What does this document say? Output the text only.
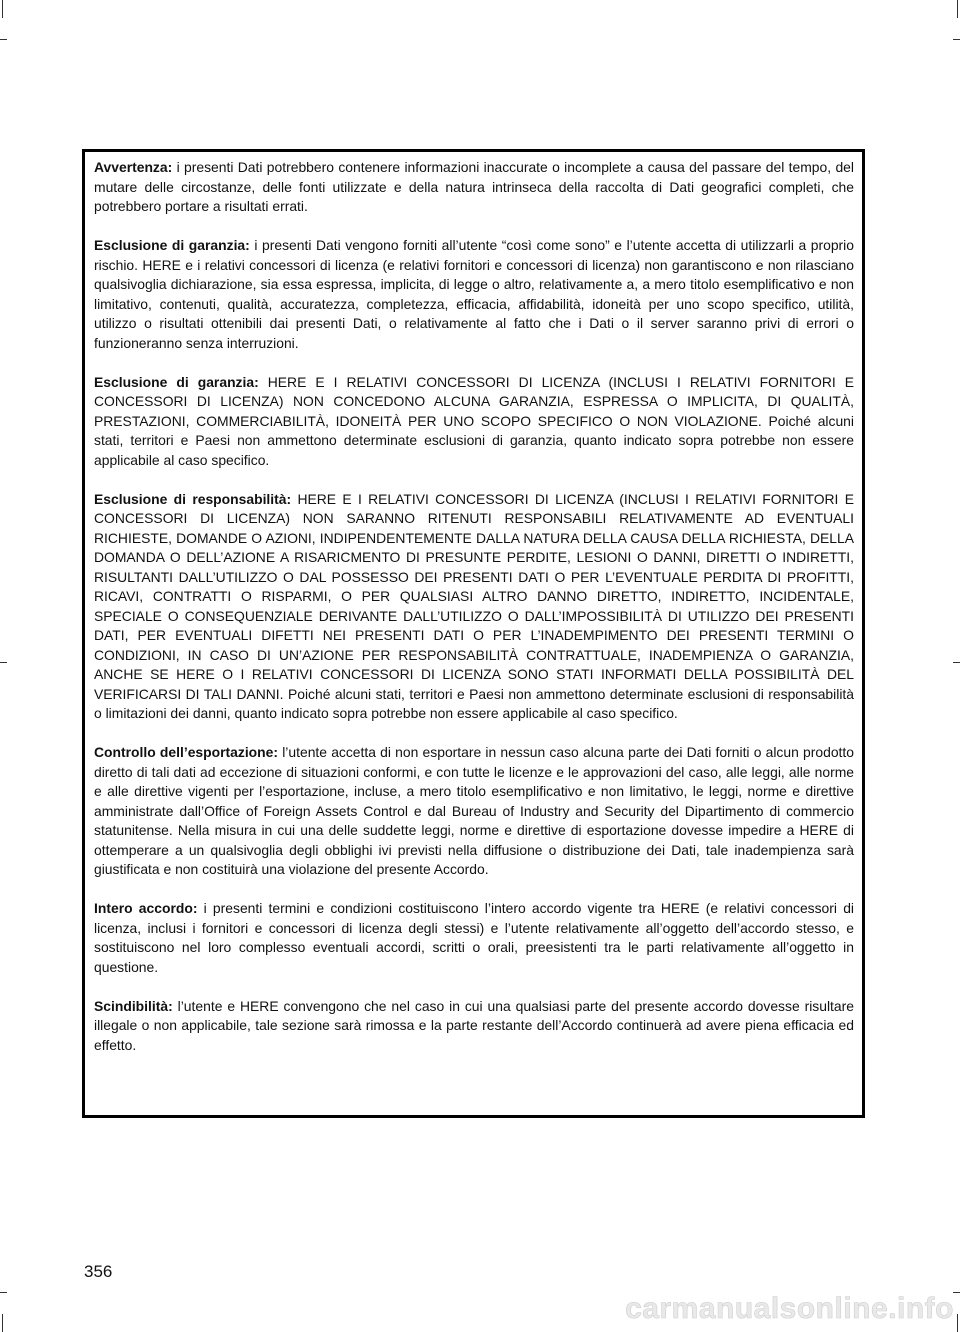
Avvertenza: i presenti Dati potrebbero contenere informazioni inaccurate o incomplete a causa del passare del tempo, del mutare delle circostanze, delle fonti utilizzate e della natura intrinseca della raccolta di Dati geografici completi, che potrebbero portare a risultati errati.

Esclusione di garanzia: i presenti Dati vengono forniti all’utente “così come sono” e l’utente accetta di utilizzarli a proprio rischio. HERE e i relativi concessori di licenza (e relativi fornitori e concessori di licenza) non garantiscono e non rilasciano qualsivoglia dichiarazione, sia essa espressa, implicita, di legge o altro, relativamente a, a mero titolo esemplificativo e non limitativo, contenuti, qualità, accuratezza, completezza, efficacia, affidabilità, idoneità per uno scopo specifico, utilità, utilizzo o risultati ottenibili dai presenti Dati, o relativamente al fatto che i Dati o il server saranno privi di errori o funzioneranno senza interruzioni.

Esclusione di garanzia: HERE E I RELATIVI CONCESSORI DI LICENZA (INCLUSI I RELATIVI FORNITORI E CONCESSORI DI LICENZA) NON CONCEDONO ALCUNA GARANZIA, ESPRESSA O IMPLICITA, DI QUALITÀ, PRESTAZIONI, COMMERCIABILITÀ, IDONEITÀ PER UNO SCOPO SPECIFICO O NON VIOLAZIONE. Poiché alcuni stati, territori e Paesi non ammettono determinate esclusioni di garanzia, quanto indicato sopra potrebbe non essere applicabile al caso specifico.

Esclusione di responsabilità: HERE E I RELATIVI CONCESSORI DI LICENZA (INCLUSI I RELATIVI FORNITORI E CONCESSORI DI LICENZA) NON SARANNO RITENUTI RESPONSABILI RELATIVAMENTE AD EVENTUALI RICHIESTE, DOMANDE O AZIONI, INDIPENDENTEMENTE DALLA NATURA DELLA CAUSA DELLA RICHIESTA, DELLA DOMANDA O DELL’AZIONE A RISARICMENTO DI PRESUNTE PERDITE, LESIONI O DANNI, DIRETTI O INDIRETTI, RISULTANTI DALL’UTILIZZO O DAL POSSESSO DEI PRESENTI DATI O PER L’EVENTUALE PERDITA DI PROFITTI, RICAVI, CONTRATTI O RISPARMI, O PER QUALSIASI ALTRO DANNO DIRETTO, INDIRETTO, INCIDENTALE, SPECIALE O CONSEQUENZIALE DERIVANTE DALL’UTILIZZO O DALL’IMPOSSIBILITÀ DI UTILIZZO DEI PRESENTI DATI, PER EVENTUALI DIFETTI NEI PRESENTI DATI O PER L’INADEMPIMENTO DEI PRESENTI TERMINI O CONDIZIONI, IN CASO DI UN’AZIONE PER RESPONSABILITÀ CONTRATTUALE, INADEMPIENZA O GARANZIA, ANCHE SE HERE O I RELATIVI CONCESSORI DI LICENZA SONO STATI INFORMATI DELLA POSSIBILITÀ DEL VERIFICARSI DI TALI DANNI. Poiché alcuni stati, territori e Paesi non ammettono determinate esclusioni di responsabilità o limitazioni dei danni, quanto indicato sopra potrebbe non essere applicabile al caso specifico.

Controllo dell’esportazione: l’utente accetta di non esportare in nessun caso alcuna parte dei Dati forniti o alcun prodotto diretto di tali dati ad eccezione di situazioni conformi, e con tutte le licenze e le approvazioni del caso, alle leggi, alle norme e alle direttive vigenti per l’esportazione, incluse, a mero titolo esemplificativo e non limitativo, le leggi, norme e direttive amministrate dall’Office of Foreign Assets Control e dal Bureau of Industry and Security del Dipartimento di commercio statunitense. Nella misura in cui una delle suddette leggi, norme e direttive di esportazione dovesse impedire a HERE di ottemperare a un qualsivoglia degli obblighi ivi previsti nella diffusione o distribuzione dei Dati, tale inadempienza sarà giustificata e non costituirà una violazione del presente Accordo.

Intero accordo: i presenti termini e condizioni costituiscono l’intero accordo vigente tra HERE (e relativi concessori di licenza, inclusi i fornitori e concessori di licenza degli stessi) e l’utente relativamente all’oggetto dell’accordo stesso, e sostituiscono nel loro complesso eventuali accordi, scritti o orali, preesistenti tra le parti relativamente all’oggetto in questione.

Scindibilità: l’utente e HERE convengono che nel caso in cui una qualsiasi parte del presente accordo dovesse risultare illegale o non applicabile, tale sezione sarà rimossa e la parte restante dell’Accordo continuerà ad avere piena efficacia ed effetto.

356
carmanualsonline.info
